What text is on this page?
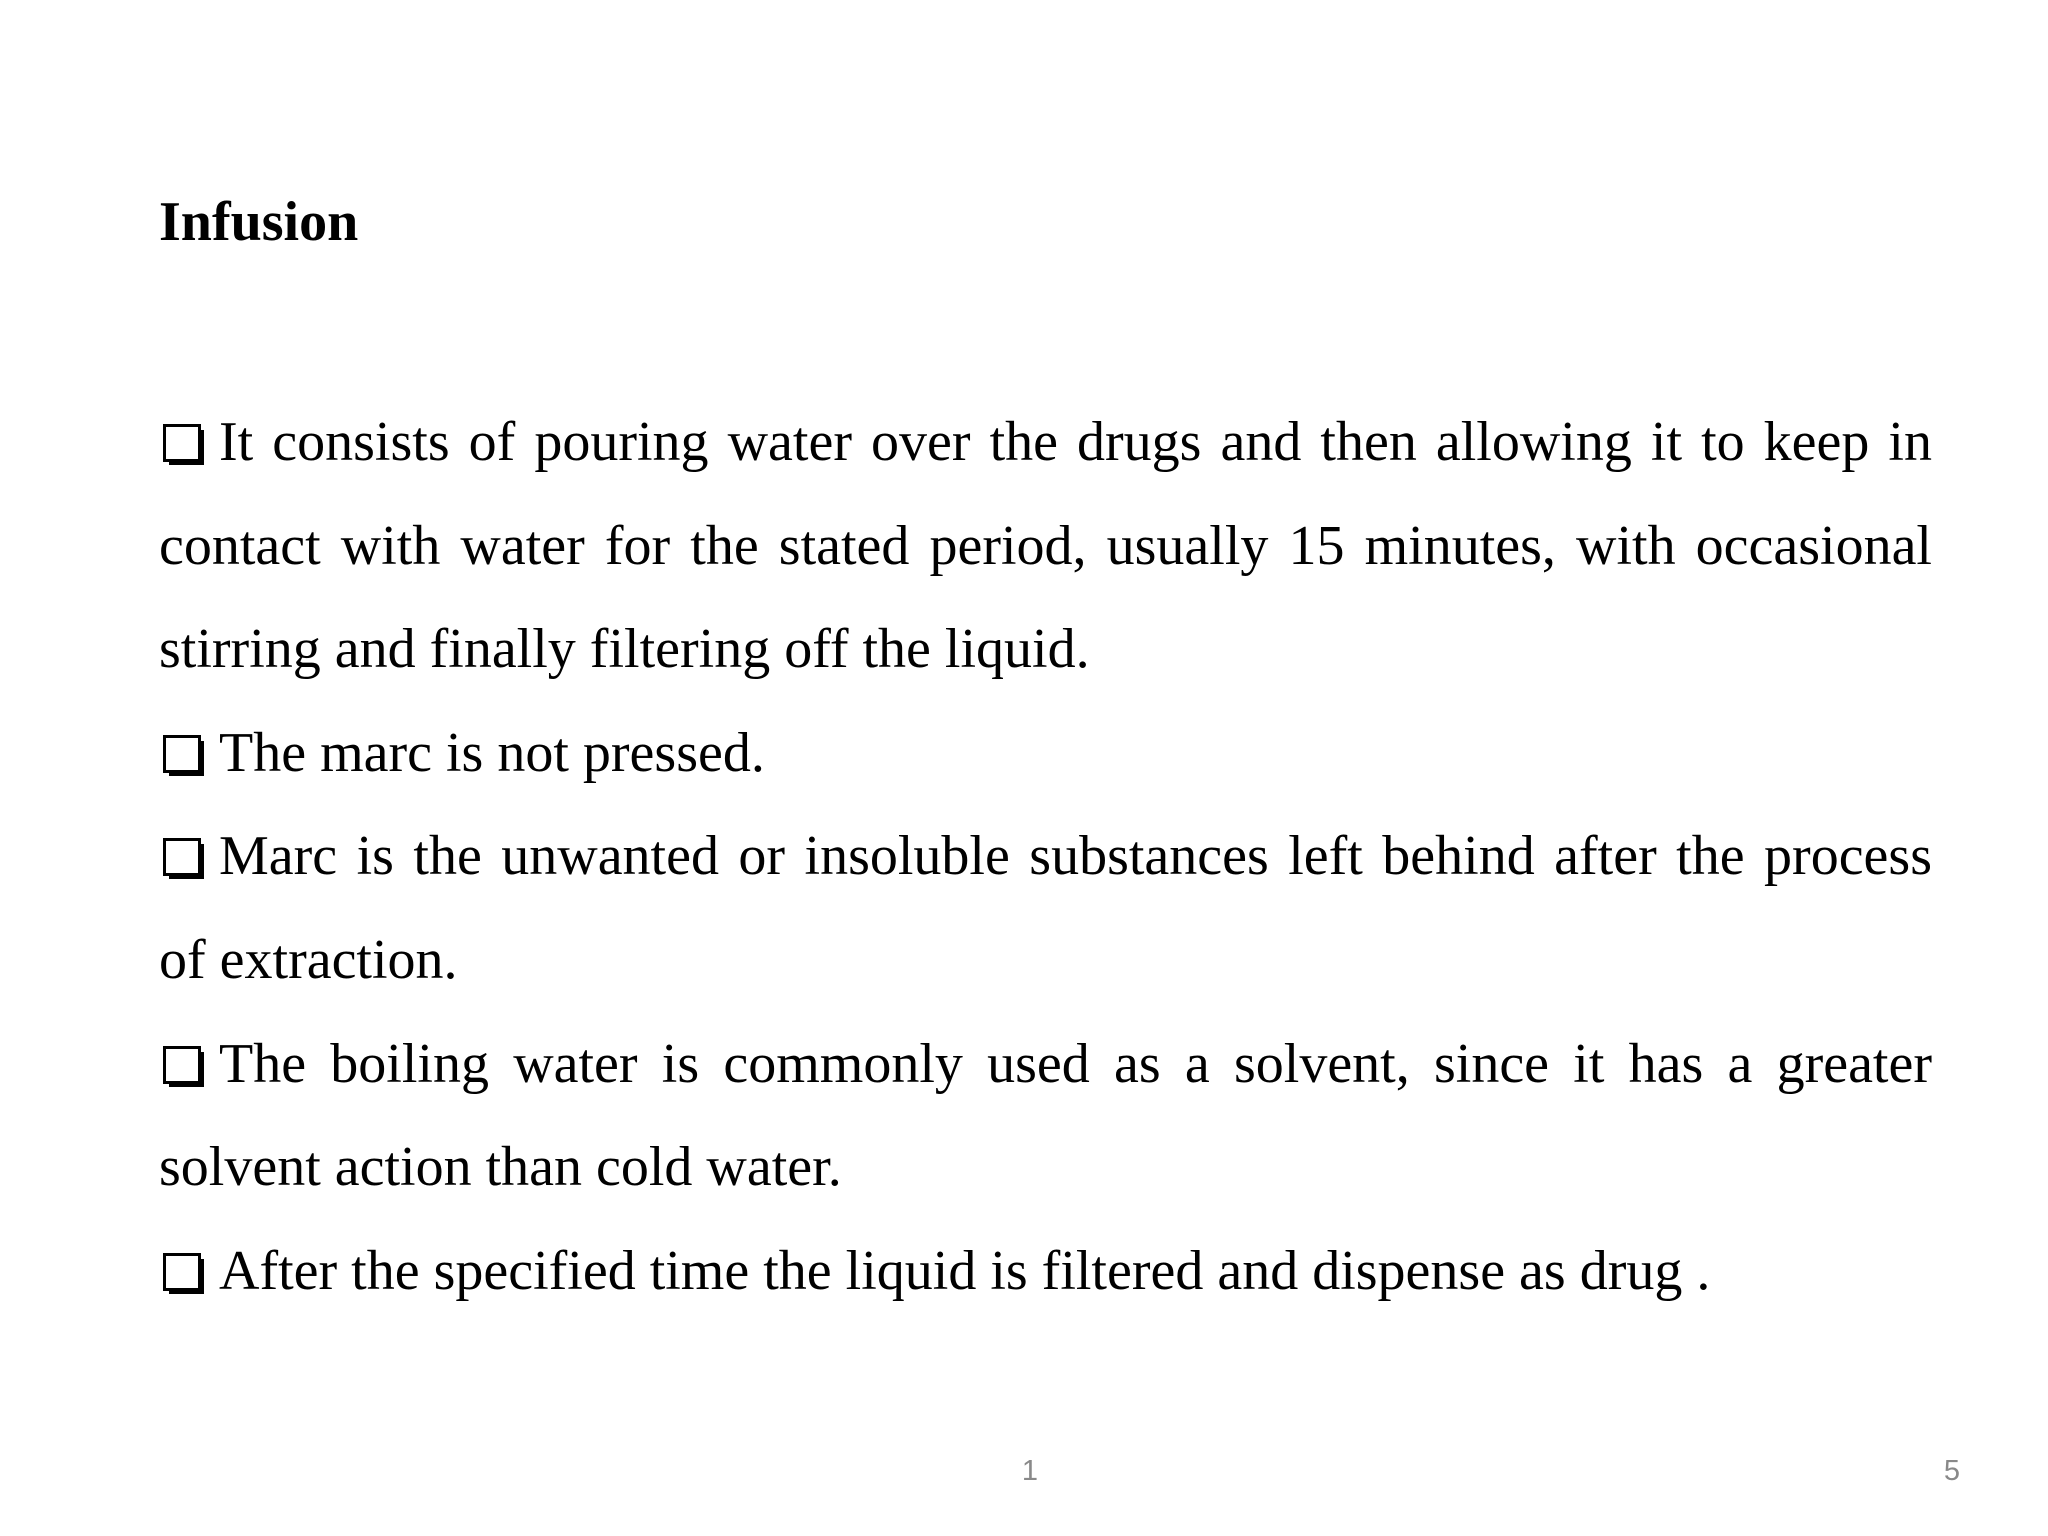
Infusion

It consists of pouring water over the drugs and then allowing it to keep in contact with water for the stated period, usually 15 minutes, with occasional stirring and finally filtering off the liquid.

The marc is not pressed.

Marc is the unwanted or insoluble substances left behind after the process of extraction.

The boiling water is commonly used as a solvent, since it has a greater solvent action than cold water.

After the specified time the liquid is filtered and dispense as drug .

1	5
